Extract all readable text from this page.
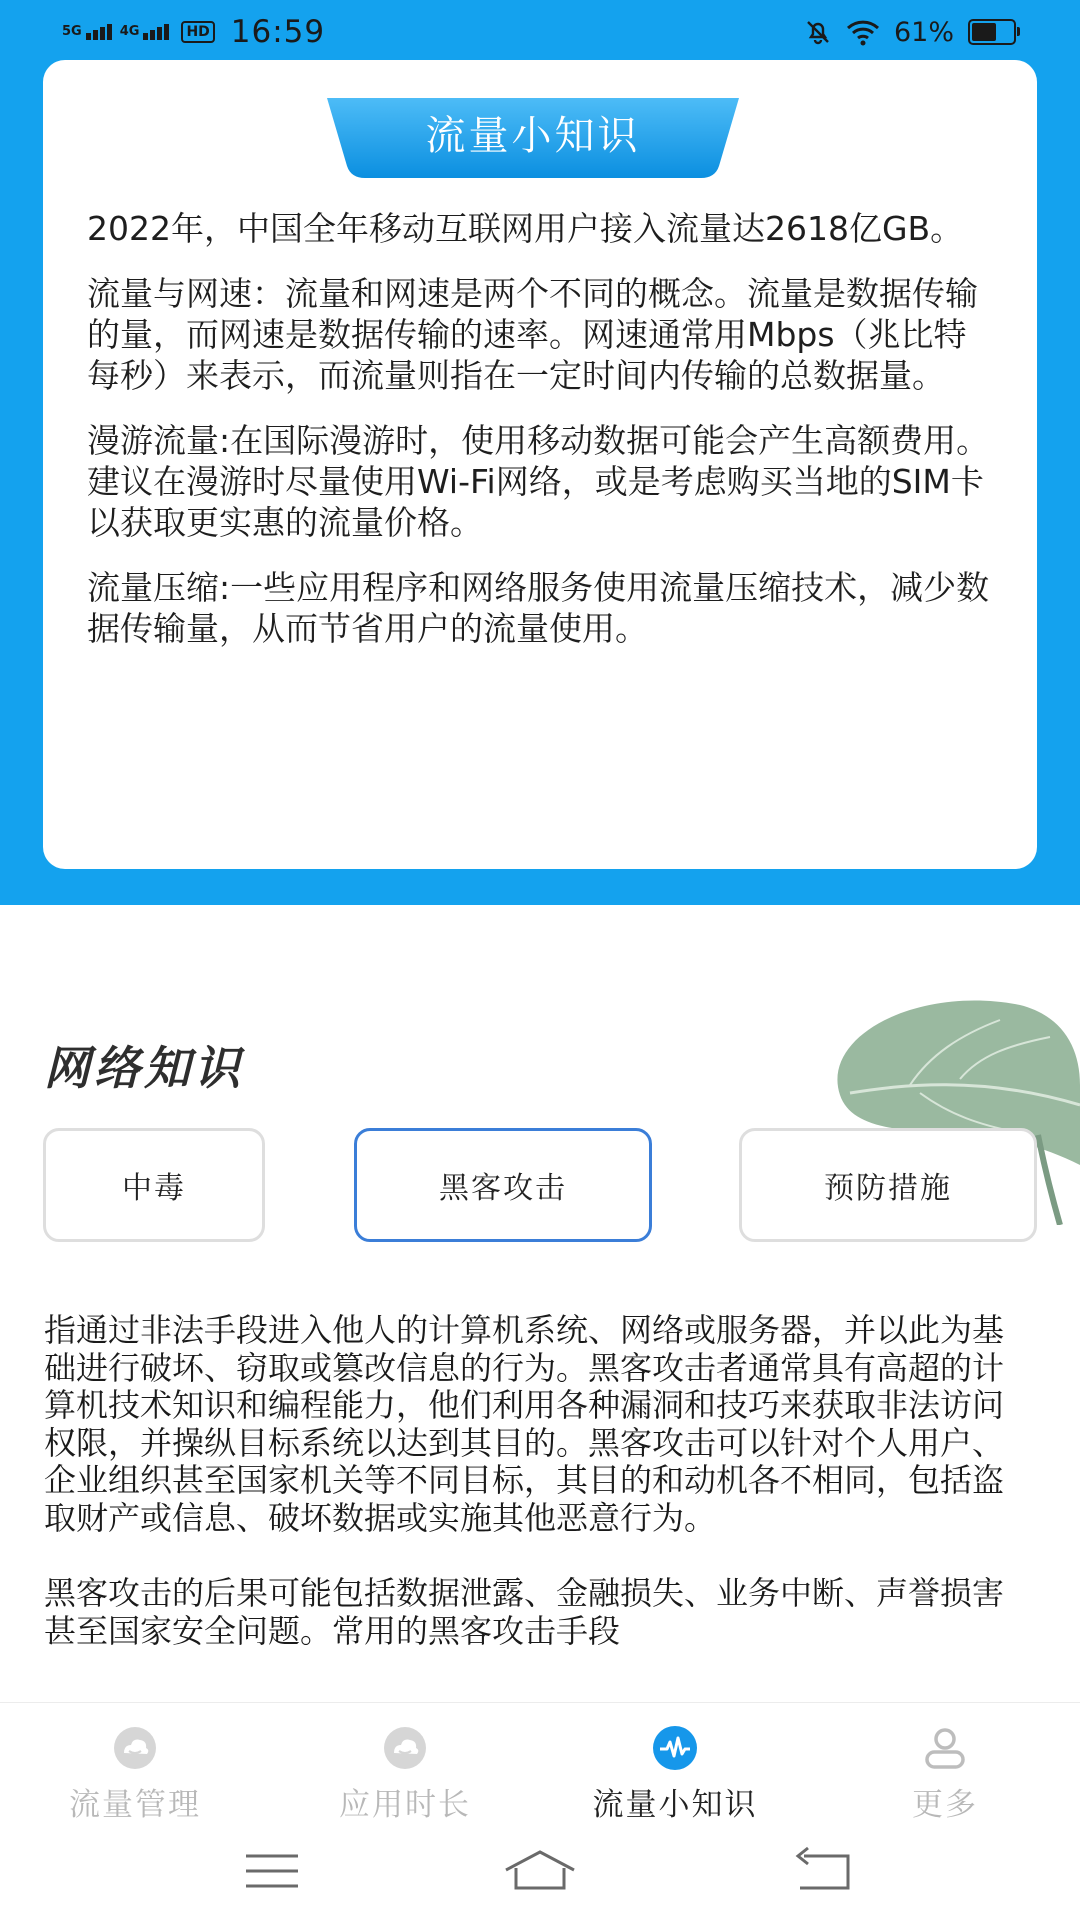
5G	4G	HD 16:59	61%
流量小知识

2022年，中国全年移动互联网用户接入流量达2618亿GB。

流量与网速：流量和网速是两个不同的概念。流量是数据传输的量，而网速是数据传输的速率。网速通常用Mbps（兆比特每秒）来表示，而流量则指在一定时间内传输的总数据量。

漫游流量:在国际漫游时，使用移动数据可能会产生高额费用。建议在漫游时尽量使用Wi-Fi网络，或是考虑购买当地的SIM卡以获取更实惠的流量价格。

流量压缩:一些应用程序和网络服务使用流量压缩技术，减少数据传输量，从而节省用户的流量使用。

网络知识
中毒	黑客攻击	预防措施

指通过非法手段进入他人的计算机系统、网络或服务器，并以此为基础进行破坏、窃取或篡改信息的行为。黑客攻击者通常具有高超的计算机技术知识和编程能力，他们利用各种漏洞和技巧来获取非法访问权限，并操纵目标系统以达到其目的。黑客攻击可以针对个人用户、企业组织甚至国家机关等不同目标，其目的和动机各不相同，包括盗取财产或信息、破坏数据或实施其他恶意行为。

黑客攻击的后果可能包括数据泄露、金融损失、业务中断、声誉损害甚至国家安全问题。常用的黑客攻击手段

流量管理	应用时长	流量小知识	更多
